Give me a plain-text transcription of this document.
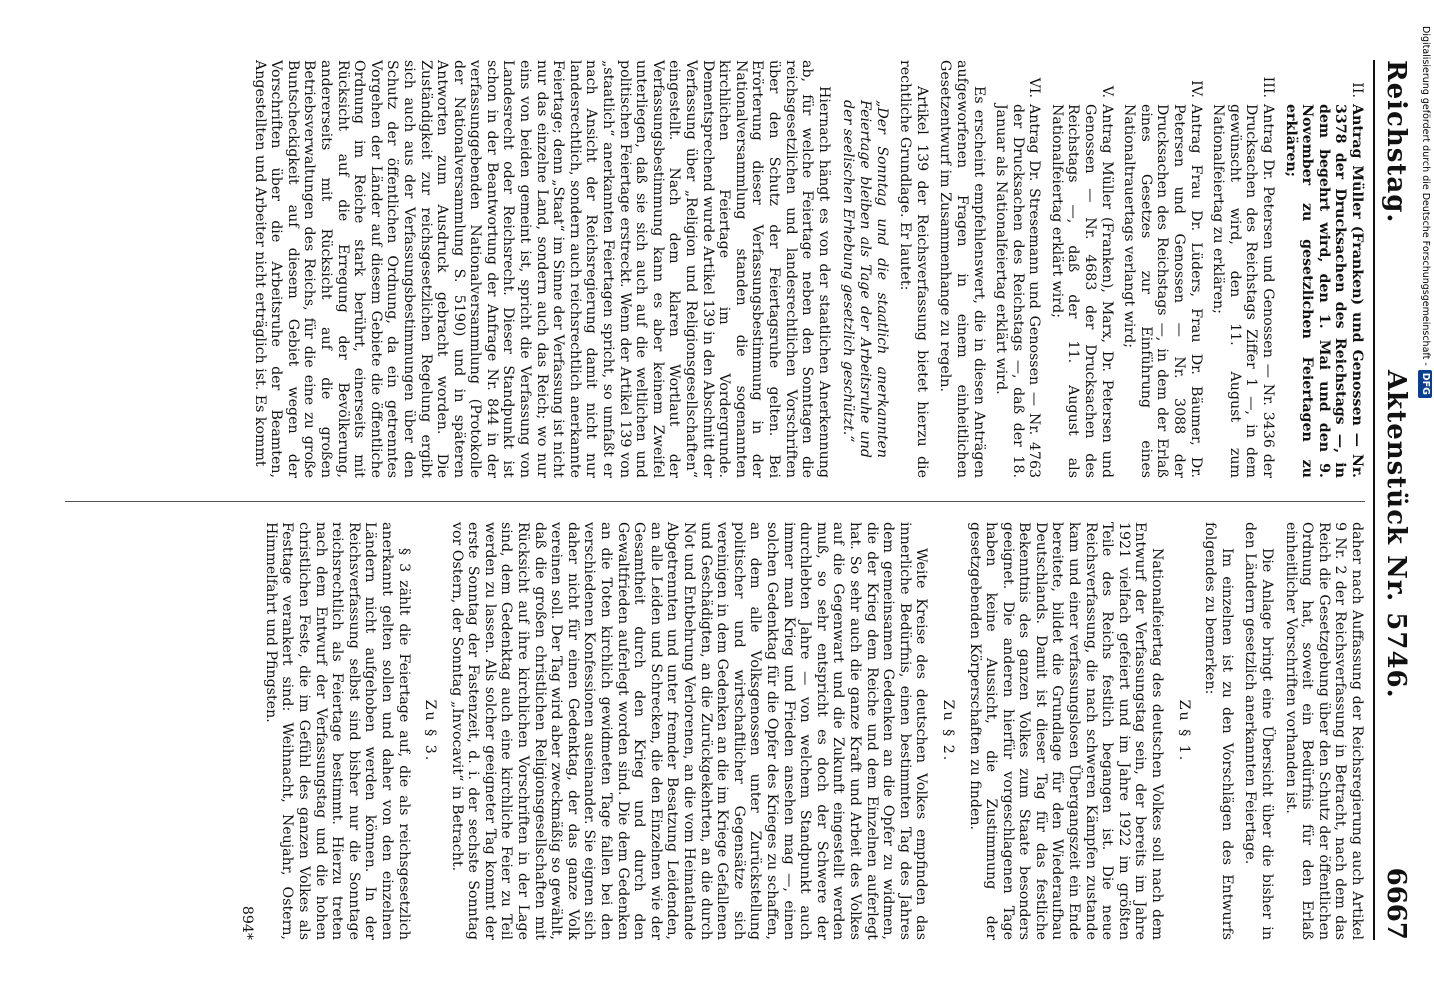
Reichstag.
Aktenstück Nr. 5746.
6667
II.
Antrag Müller (Franken) und Genossen — Nr. 3378 der Drucksachen des Reichstags —, in dem begehrt wird, den 1. Mai und den 9. November zu gesetzlichen Feiertagen zu erklären;
III.
Antrag Dr. Petersen und Genossen — Nr. 3436 der Drucksachen des Reichstags Ziffer 1 —, in dem gewünscht wird, den 11. August zum Nationalfeiertag zu erklären;
IV.
Antrag Frau Dr. Lüders, Frau Dr. Bäumer, Dr. Petersen und Genossen — Nr. 3088 der Drucksachen des Reichstags —, in dem der Erlaß eines Gesetzes zur Einführung eines Nationaltrauertags verlangt wird;
V.
Antrag Müller (Franken), Marx, Dr. Petersen und Genossen — Nr. 4683 der Drucksachen des Reichstags —, daß der 11. August als Nationalfeiertag erklärt wird;
VI.
Antrag Dr. Stresemann und Genossen — Nr. 4763 der Drucksachen des Reichstags —, daß der 18. Januar als Nationalfeiertag erklärt wird.

Es erscheint empfehlenswert, die in diesen Anträgen aufgeworfenen Fragen in einem einheitlichen Gesetzentwurf im Zusammenhange zu regeln.

Artikel 139 der Reichsverfassung bietet hierzu die rechtliche Grundlage. Er lautet:

„Der Sonntag und die staatlich anerkannten Feiertage bleiben als Tage der Arbeitsruhe und der seelischen Erhebung gesetzlich geschützt.“

Hiernach hängt es von der staatlichen Anerkennung ab, für welche Feiertage neben den Sonntagen die reichsgesetzlichen und landesrechtlichen Vorschriften über den Schutz der Feiertagsruhe gelten. Bei Erörterung dieser Verfassungsbestimmung in der Nationalversammlung standen die sogenannten kirchlichen Feiertage im Vordergrunde. Dementsprechend wurde Artikel 139 in den Abschnitt der Verfassung über „Religion und Religionsgesellschaften“ eingestellt. Nach dem klaren Wortlaut der Verfassungsbestimmung kann es aber keinem Zweifel unterliegen, daß sie sich auch auf die weltlichen und politischen Feiertage erstreckt. Wenn der Artikel 139 von „staatlich“ anerkannten Feiertagen spricht, so umfaßt er nach Ansicht der Reichsregierung damit nicht nur landesrechtlich, sondern auch reichsrechtlich anerkannte Feiertage; denn „Staat“ im Sinne der Verfassung ist nicht nur das einzelne Land, sondern auch das Reich; wo nur eins von beiden gemeint ist, spricht die Verfassung von Landesrecht oder Reichsrecht. Dieser Standpunkt ist schon in der Beantwortung der Anfrage Nr. 844 in der verfassunggebenden Nationalversammlung (Protokolle der Nationalversammlung S. 5190) und in späteren Antworten zum Ausdruck gebracht worden. Die Zuständigkeit zur reichsgesetzlichen Regelung ergibt sich auch aus der Verfassungsbestimmungen über den Schutz der öffentlichen Ordnung, da ein getrenntes Vorgehen der Länder auf diesem Gebiete die öffentliche Ordnung im Reiche stark berührt, einerseits mit Rücksicht auf die Erregung der Bevölkerung, andererseits mit Rücksicht auf die großen Betriebsverwaltungen des Reichs, für die eine zu große Buntscheckigkeit auf diesem Gebiet wegen der Vorschriften über die Arbeitsruhe der Beamten, Angestellten und Arbeiter nicht erträglich ist. Es kommt

daher nach Auffassung der Reichsregierung auch Artikel 9 Nr. 2 der Reichsverfassung in Betracht, nach dem das Reich die Gesetzgebung über den Schutz der öffentlichen Ordnung hat, soweit ein Bedürfnis für den Erlaß einheitlicher Vorschriften vorhanden ist.

Die Anlage bringt eine Übersicht über die bisher in den Ländern gesetzlich anerkannten Feiertage.

Im einzelnen ist zu den Vorschlägen des Entwurfs folgendes zu bemerken:

Zu § 1.

Nationalfeiertag des deutschen Volkes soll nach dem Entwurf der Verfassungstag sein, der bereits im Jahre 1921 vielfach gefeiert und im Jahre 1922 im größten Teile des Reichs festlich begangen ist. Die neue Reichsverfassung, die nach schweren Kämpfen zustande kam und einer verfassungslosen Übergangszeit ein Ende bereitete, bildet die Grundlage für den Wiederaufbau Deutschlands. Damit ist dieser Tag für das festliche Bekenntnis des ganzen Volkes zum Staate besonders geeignet. Die anderen hierfür vorgeschlagenen Tage haben keine Aussicht, die Zustimmung der gesetzgebenden Körperschaften zu finden.

Zu § 2.

Weite Kreise des deutschen Volkes empfinden das innerliche Bedürfnis, einen bestimmten Tag des Jahres dem gemeinsamen Gedenken an die Opfer zu widmen, die der Krieg dem Reiche und dem Einzelnen auferlegt hat. So sehr auch die ganze Kraft und Arbeit des Volkes auf die Gegenwart und die Zukunft eingestellt werden muß, so sehr entspricht es doch der Schwere der durchlebten Jahre — von welchem Standpunkt auch immer man Krieg und Frieden ansehen mag —, einen solchen Gedenktag für die Opfer des Krieges zu schaffen, an dem alle Volksgenossen unter Zurückstellung politischer und wirtschaftlicher Gegensätze sich vereinigen in dem Gedenken an die im Kriege Gefallenen und Geschädigten, an die Zurückgekehrten, an die durch Not und Entbehrung Verlorenen, an die vom Heimatlande Abgetrennten und unter fremder Besatzung Leidenden, an alle Leiden und Schrecken, die den Einzelnen wie der Gesamtheit durch den Krieg und durch den Gewaltfrieden auferlegt worden sind. Die dem Gedenken an die Toten kirchlich gewidmeten Tage fallen bei den verschiedenen Konfessionen auseinander. Sie eignen sich daher nicht für einen Gedenktag, der das ganze Volk vereinen soll. Der Tag wird aber zweckmäßig so gewählt, daß die großen christlichen Religionsgesellschaften mit Rücksicht auf ihre kirchlichen Vorschriften in der Lage sind, dem Gedenktag auch eine kirchliche Feier zu Teil werden zu lassen. Als solcher geeigneter Tag kommt der erste Sonntag der Fastenzeit, d. i. der sechste Sonntag vor Ostern, der Sonntag „Invocavit“ in Betracht.

Zu § 3.

§ 3 zählt die Feiertage auf, die als reichsgesetzlich anerkannt gelten sollen und daher von den einzelnen Ländern nicht aufgehoben werden können. In der Reichsverfassung selbst sind bisher nur die Sonntage reichsrechtlich als Feiertage bestimmt. Hierzu treten nach dem Entwurf der Verfassungstag und die hohen christlichen Feste, die im Gefühl des ganzen Volkes als Festtage verankert sind: Weihnacht, Neujahr, Ostern, Himmelfahrt und Pfingsten.

894*
Digitalisierung gefördert durch die Deutsche Forschungsgemeinschaft -DFG
